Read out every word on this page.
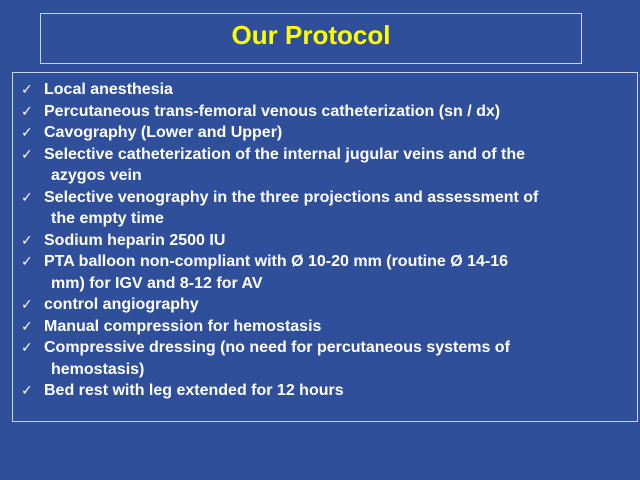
Our Protocol
✓ Local anesthesia
✓ Percutaneous trans-femoral venous catheterization (sn / dx)
✓ Cavography (Lower and Upper)
✓ Selective catheterization of the internal jugular veins and of the
azygos vein
✓ Selective venography in the three projections and assessment of
the empty time
✓ Sodium heparin 2500 IU
✓ PTA balloon non-compliant with Ø 10-20 mm (routine Ø 14-16
mm) for IGV and 8-12 for AV
✓ control angiography
✓ Manual compression for hemostasis
✓ Compressive dressing (no need for percutaneous systems of
hemostasis)
✓ Bed rest with leg extended for 12 hours
